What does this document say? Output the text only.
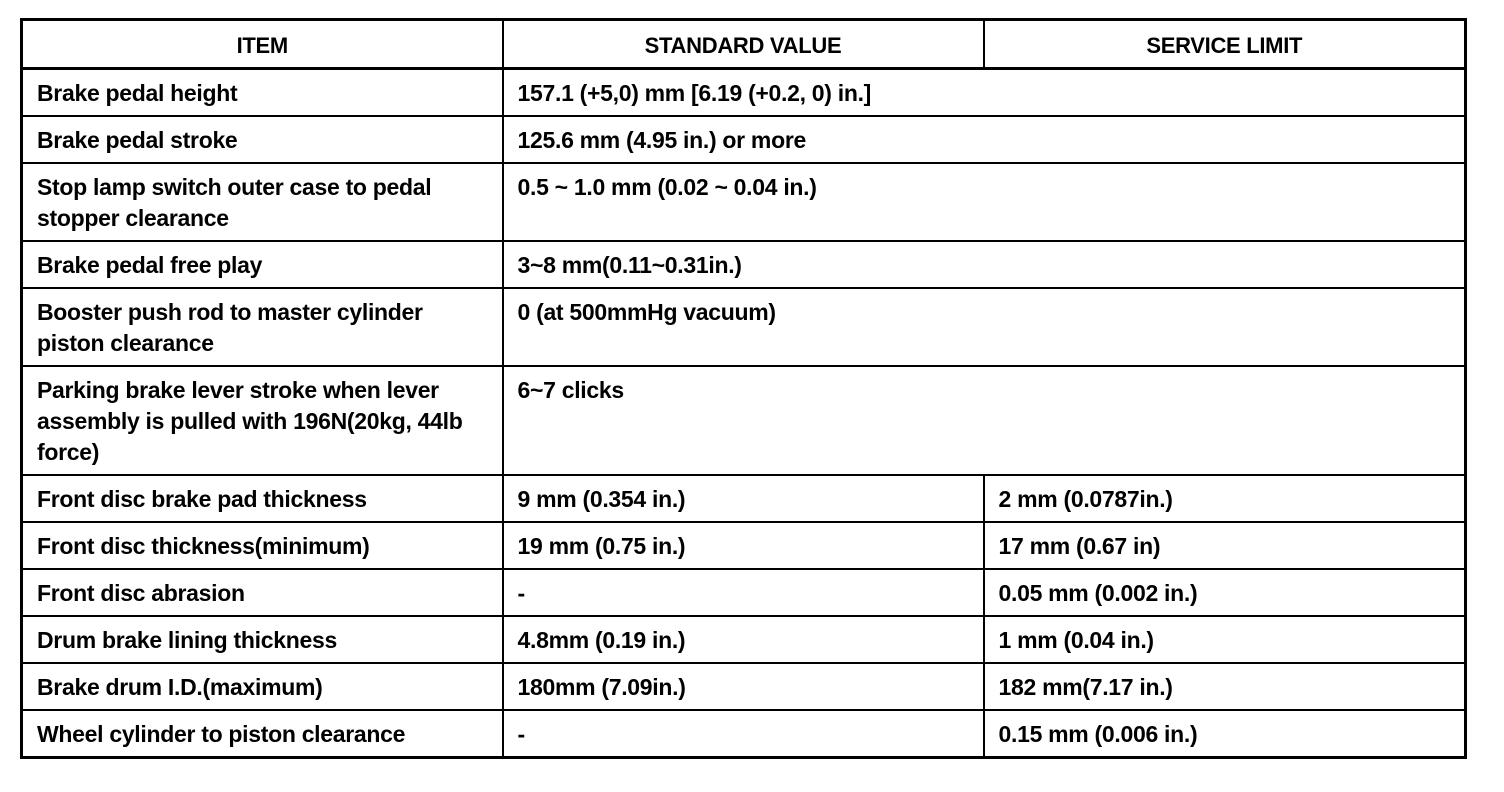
ITEM	STANDARD VALUE	SERVICE LIMIT
Brake pedal height	157.1 (+5,0) mm [6.19 (+0.2, 0) in.]	
Brake pedal stroke	125.6 mm (4.95 in.) or more	
Stop lamp switch outer case to pedal stopper clearance	0.5 ~ 1.0 mm (0.02 ~ 0.04 in.)	
Brake pedal free play	3~8 mm(0.11~0.31in.)	
Booster push rod to master cylinder piston clearance	0 (at 500mmHg vacuum)	
Parking brake lever stroke when lever assembly is pulled with 196N(20kg, 44lb force)	6~7 clicks	
Front disc brake pad thickness	9 mm (0.354 in.)	2 mm (0.0787in.)
Front disc thickness(minimum)	19 mm (0.75 in.)	17 mm (0.67 in)
Front disc abrasion	-	0.05 mm (0.002 in.)
Drum brake lining thickness	4.8mm (0.19 in.)	1 mm (0.04 in.)
Brake drum I.D.(maximum)	180mm (7.09in.)	182 mm(7.17 in.)
Wheel cylinder to piston clearance	-	0.15 mm (0.006 in.)
